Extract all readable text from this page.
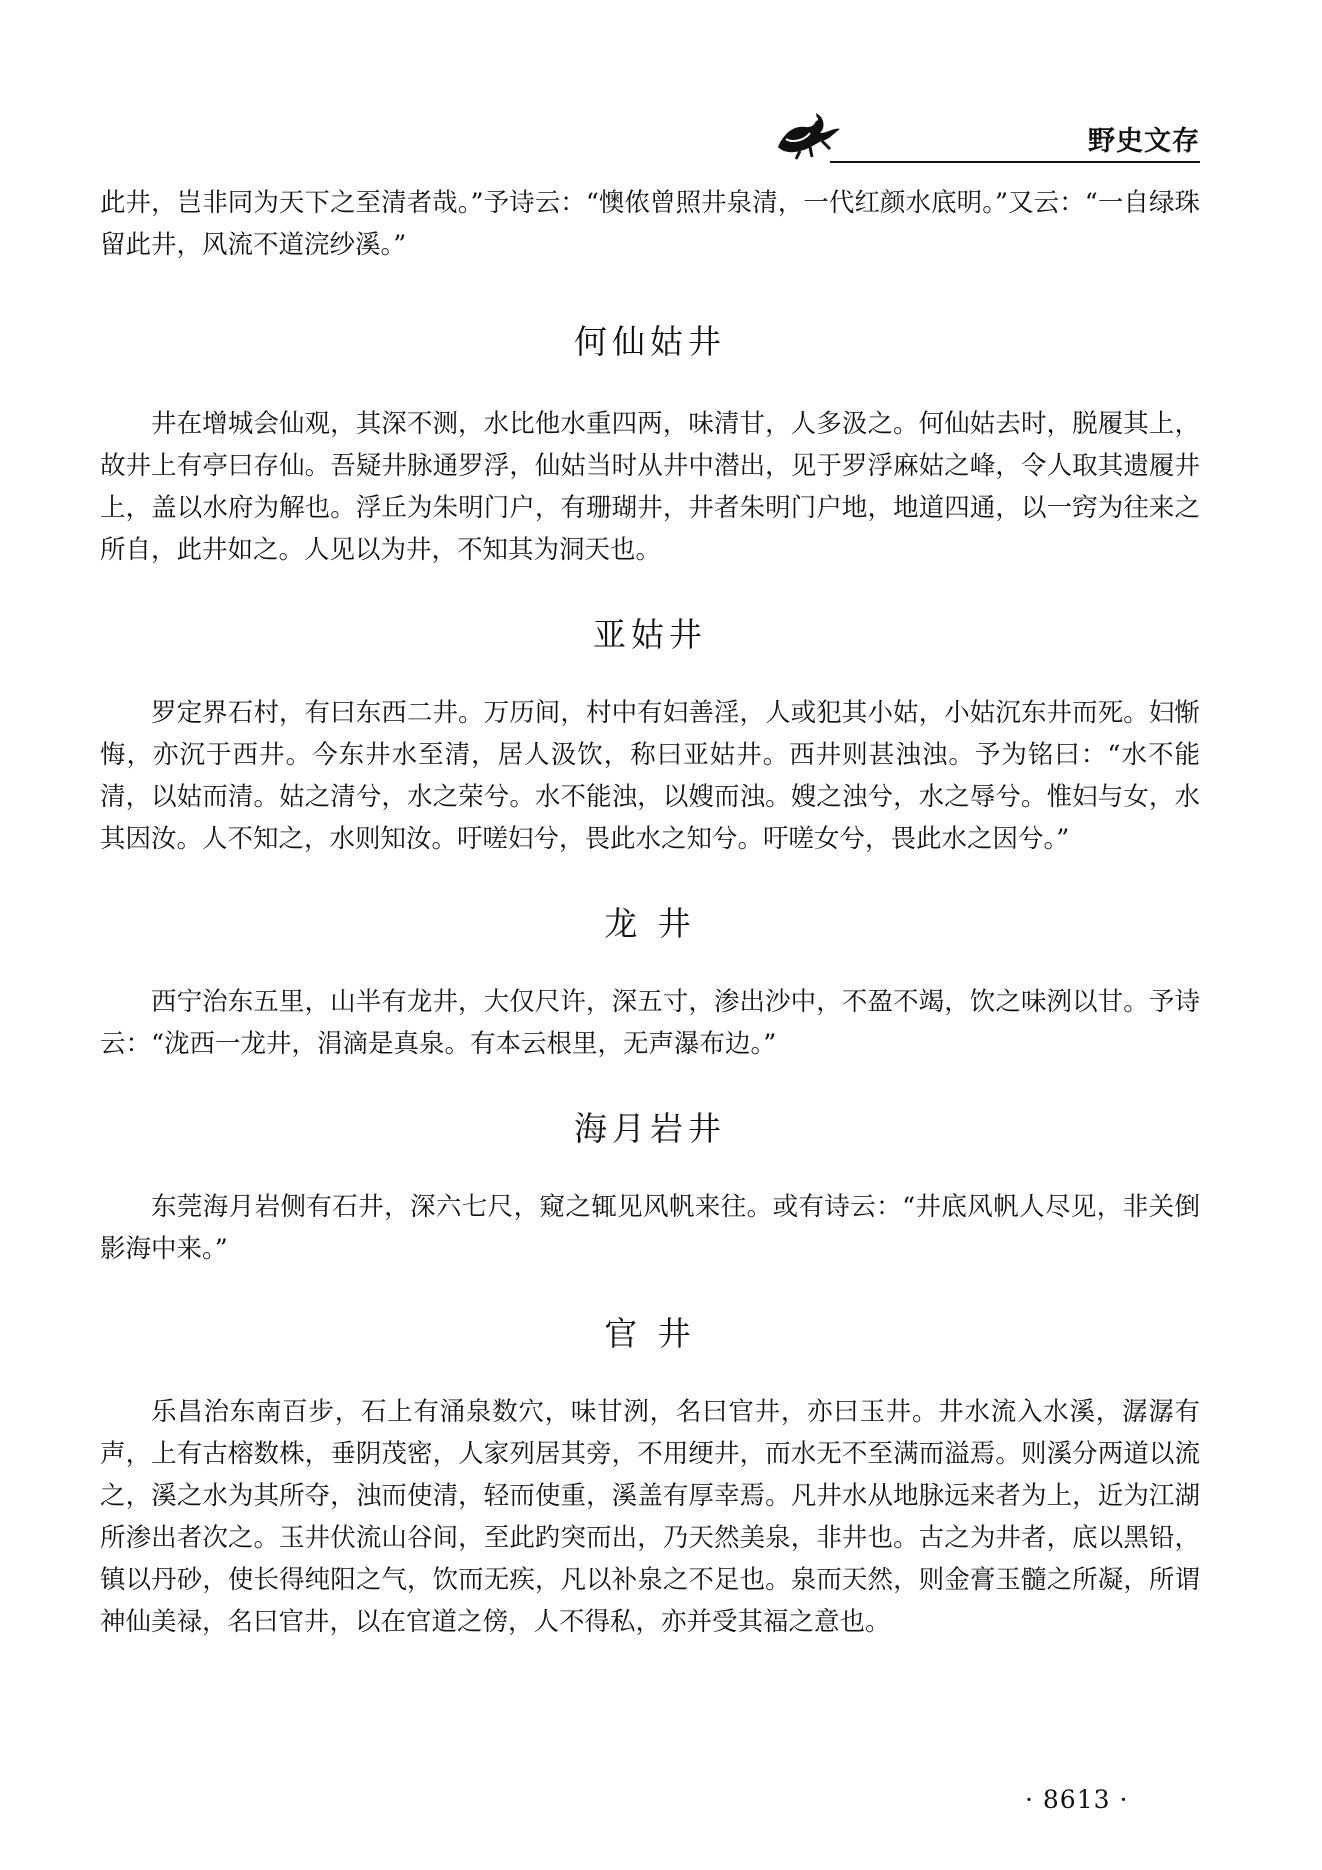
野史文存

此井，岂非同为天下之至清者哉。”予诗云：“懊侬曾照井泉清，一代红颜水底明。”又云：“一自绿珠留此井，风流不道浣纱溪。”

何仙姑井

井在增城会仙观，其深不测，水比他水重四两，味清甘，人多汲之。何仙姑去时，脱履其上，故井上有亭曰存仙。吾疑井脉通罗浮，仙姑当时从井中潜出，见于罗浮麻姑之峰，令人取其遗履井上，盖以水府为解也。浮丘为朱明门户，有珊瑚井，井者朱明门户地，地道四通，以一窍为往来之所自，此井如之。人见以为井，不知其为洞天也。

亚姑井

罗定界石村，有曰东西二井。万历间，村中有妇善淫，人或犯其小姑，小姑沉东井而死。妇惭悔，亦沉于西井。今东井水至清，居人汲饮，称曰亚姑井。西井则甚浊浊。予为铭曰：“水不能清，以姑而清。姑之清兮，水之荣兮。水不能浊，以嫂而浊。嫂之浊兮，水之辱兮。惟妇与女，水其因汝。人不知之，水则知汝。吁嗟妇兮，畏此水之知兮。吁嗟女兮，畏此水之因兮。”

龙 井

西宁治东五里，山半有龙井，大仅尺许，深五寸，渗出沙中，不盈不竭，饮之味洌以甘。予诗云：“泷西一龙井，涓滴是真泉。有本云根里，无声瀑布边。”

海月岩井

东莞海月岩侧有石井，深六七尺，窥之辄见风帆来往。或有诗云：“井底风帆人尽见，非关倒影海中来。”

官 井

乐昌治东南百步，石上有涌泉数穴，味甘洌，名曰官井，亦曰玉井。井水流入水溪，潺潺有声，上有古榕数株，垂阴茂密，人家列居其旁，不用绠井，而水无不至满而溢焉。则溪分两道以流之，溪之水为其所夺，浊而使清，轻而使重，溪盖有厚幸焉。凡井水从地脉远来者为上，近为江湖所渗出者次之。玉井伏流山谷间，至此趵突而出，乃天然美泉，非井也。古之为井者，底以黑铅，镇以丹砂，使长得纯阳之气，饮而无疾，凡以补泉之不足也。泉而天然，则金膏玉髓之所凝，所谓神仙美禄，名曰官井，以在官道之傍，人不得私，亦并受其福之意也。

· 8613 ·
